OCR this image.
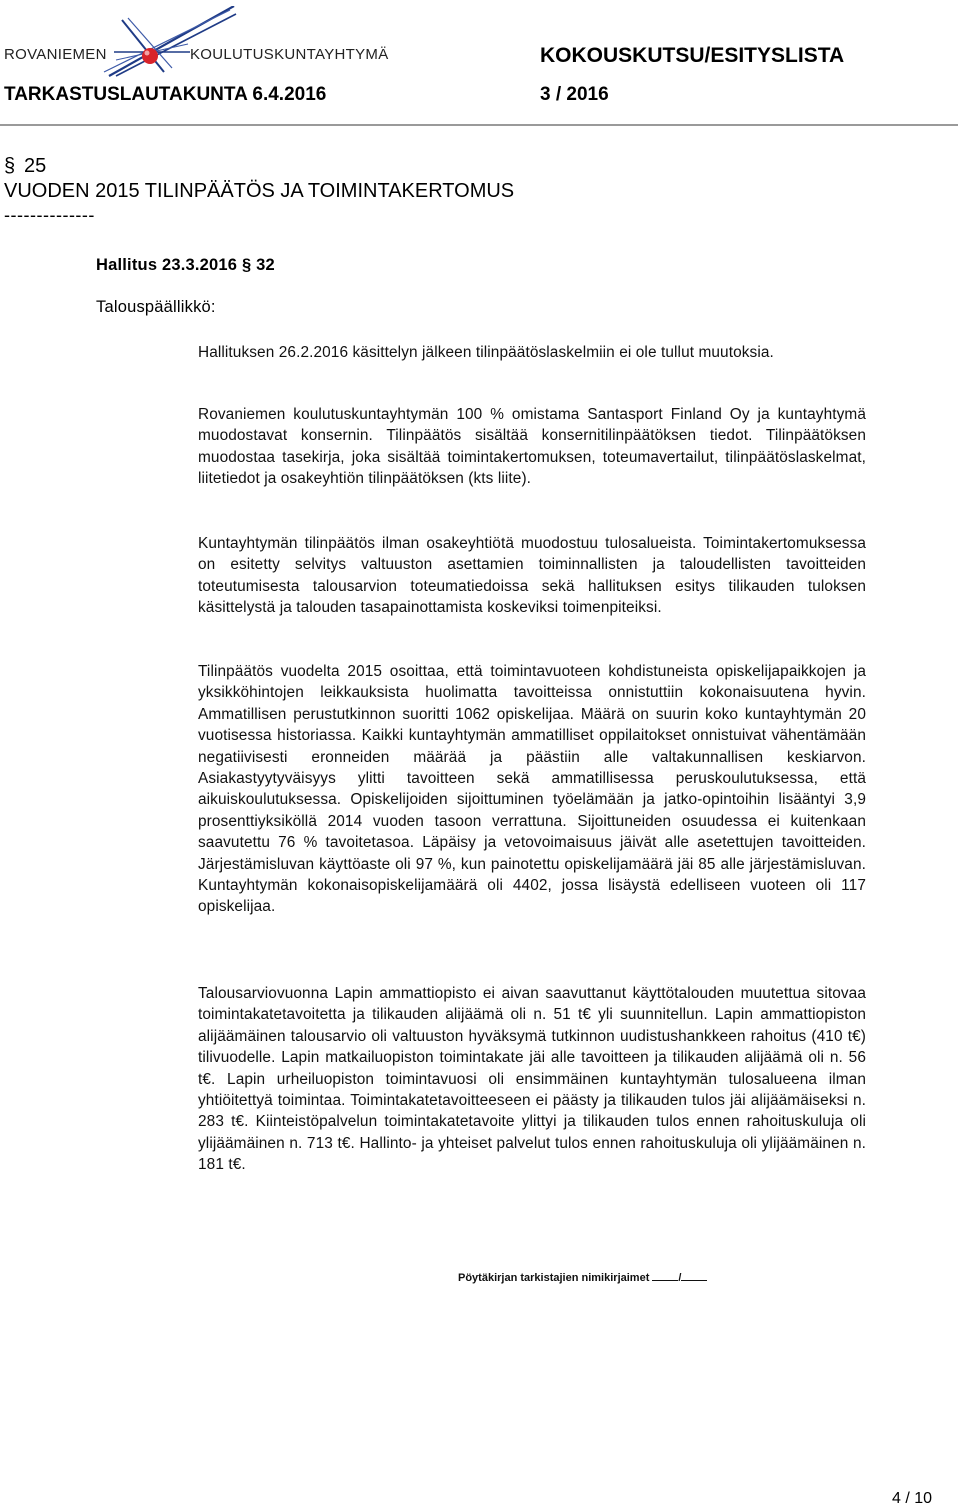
ROVANIEMEN	KOULUTUSKUNTAYHTYMÄ	KOKOUSKUTSU/ESITYSLISTA
TARKASTUSLAUTAKUNTA 6.4.2016	3 / 2016
§ 25
VUODEN 2015 TILINPÄÄTÖS JA TOIMINTAKERTOMUS
--------------
Hallitus 23.3.2016 § 32
Talouspäällikkö:

Hallituksen 26.2.2016 käsittelyn jälkeen tilinpäätöslaskelmiin ei ole tullut muutoksia.

Rovaniemen koulutuskuntayhtymän 100 % omistama Santasport Finland Oy ja kuntayhtymä muodostavat konsernin. Tilinpäätös sisältää konsernitilinpäätöksen tiedot. Tilinpäätöksen muodostaa tasekirja, joka sisältää toimintakertomuksen, toteumavertailut, tilinpäätöslaskelmat, liitetiedot ja osakeyhtiön tilinpäätöksen (kts liite).

Kuntayhtymän tilinpäätös ilman osakeyhtiötä muodostuu tulosalueista. Toimintakertomuksessa on esitetty selvitys valtuuston asettamien toiminnallisten ja taloudellisten tavoitteiden toteutumisesta talousarvion toteumatiedoissa sekä hallituksen esitys tilikauden tuloksen käsittelystä ja talouden tasapainottamista koskeviksi toimenpiteiksi.

Tilinpäätös vuodelta 2015 osoittaa, että toimintavuoteen kohdistuneista opiskelijapaikkojen ja yksikköhintojen leikkauksista huolimatta tavoitteissa onnistuttiin kokonaisuutena hyvin. Ammatillisen perustutkinnon suoritti 1062 opiskelijaa. Määrä on suurin koko kuntayhtymän 20 vuotisessa historiassa. Kaikki kuntayhtymän ammatilliset oppilaitokset onnistuivat vähentämään negatiivisesti eronneiden määrää ja päästiin alle valtakunnallisen keskiarvon. Asiakastyytyväisyys ylitti tavoitteen sekä ammatillisessa peruskoulutuksessa, että aikuiskoulutuksessa. Opiskelijoiden sijoittuminen työelämään ja jatko-opintoihin lisääntyi 3,9 prosenttiyksiköllä 2014 vuoden tasoon verrattuna. Sijoittuneiden osuudessa ei kuitenkaan saavutettu 76 % tavoitetasoa. Läpäisy ja vetovoimaisuus jäivät alle asetettujen tavoitteiden. Järjestämisluvan käyttöaste oli 97 %, kun painotettu opiskelijamäärä jäi 85 alle järjestämisluvan. Kuntayhtymän kokonaisopiskelijamäärä oli 4402, jossa lisäystä edelliseen vuoteen oli 117 opiskelijaa.

Talousarviovuonna Lapin ammattiopisto ei aivan saavuttanut käyttötalouden muutettua sitovaa toimintakatetavoitetta ja tilikauden alijäämä oli n. 51 t€ yli suunnitellun. Lapin ammattiopiston alijäämäinen talousarvio oli valtuuston hyväksymä tutkinnon uudistushankkeen rahoitus (410 t€) tilivuodelle. Lapin matkailuopiston toimintakate jäi alle tavoitteen ja tilikauden alijäämä oli n. 56 t€. Lapin urheiluopiston toimintavuosi oli ensimmäinen kuntayhtymän tulosalueena ilman yhtiöitettyä toimintaa. Toimintakatetavoitteeseen ei päästy ja tilikauden tulos jäi alijäämäiseksi n. 283 t€. Kiinteistöpalvelun toimintakatetavoite ylittyi ja tilikauden tulos ennen rahoituskuluja oli ylijäämäinen n. 713 t€. Hallinto- ja yhteiset palvelut tulos ennen rahoituskuluja oli ylijäämäinen n. 181 t€.

Pöytäkirjan tarkistajien nimikirjaimet	/
4 / 10
